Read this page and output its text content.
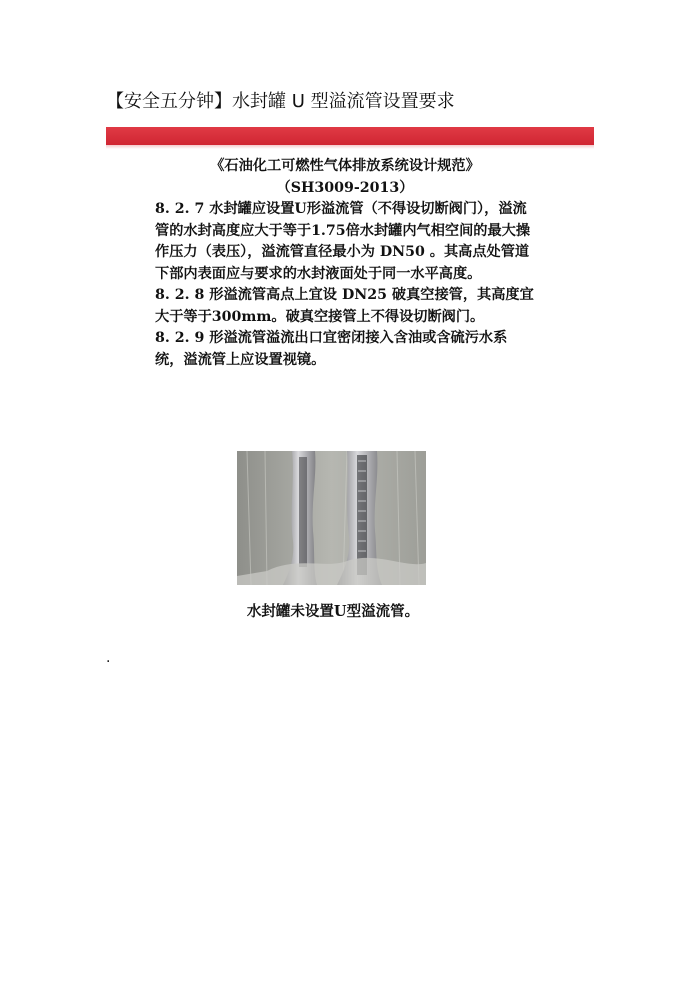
【安全五分钟】水封罐 U 型溢流管设置要求
《石油化工可燃性气体排放系统设计规范》
（SH3009-2013）

8. 2. 7 水封罐应设置U形溢流管（不得设切断阀门），溢流管的水封高度应大于等于1.75倍水封罐内气相空间的最大操作压力（表压），溢流管直径最小为 DN50 。其高点处管道下部内表面应与要求的水封液面处于同一水平高度。

8. 2. 8 形溢流管高点上宜设 DN25 破真空接管，其高度宜大于等于300mm。破真空接管上不得设切断阀门。

8. 2. 9 形溢流管溢流出口宜密闭接入含油或含硫污水系统，溢流管上应设置视镜。

水封罐未设置U型溢流管。
.
